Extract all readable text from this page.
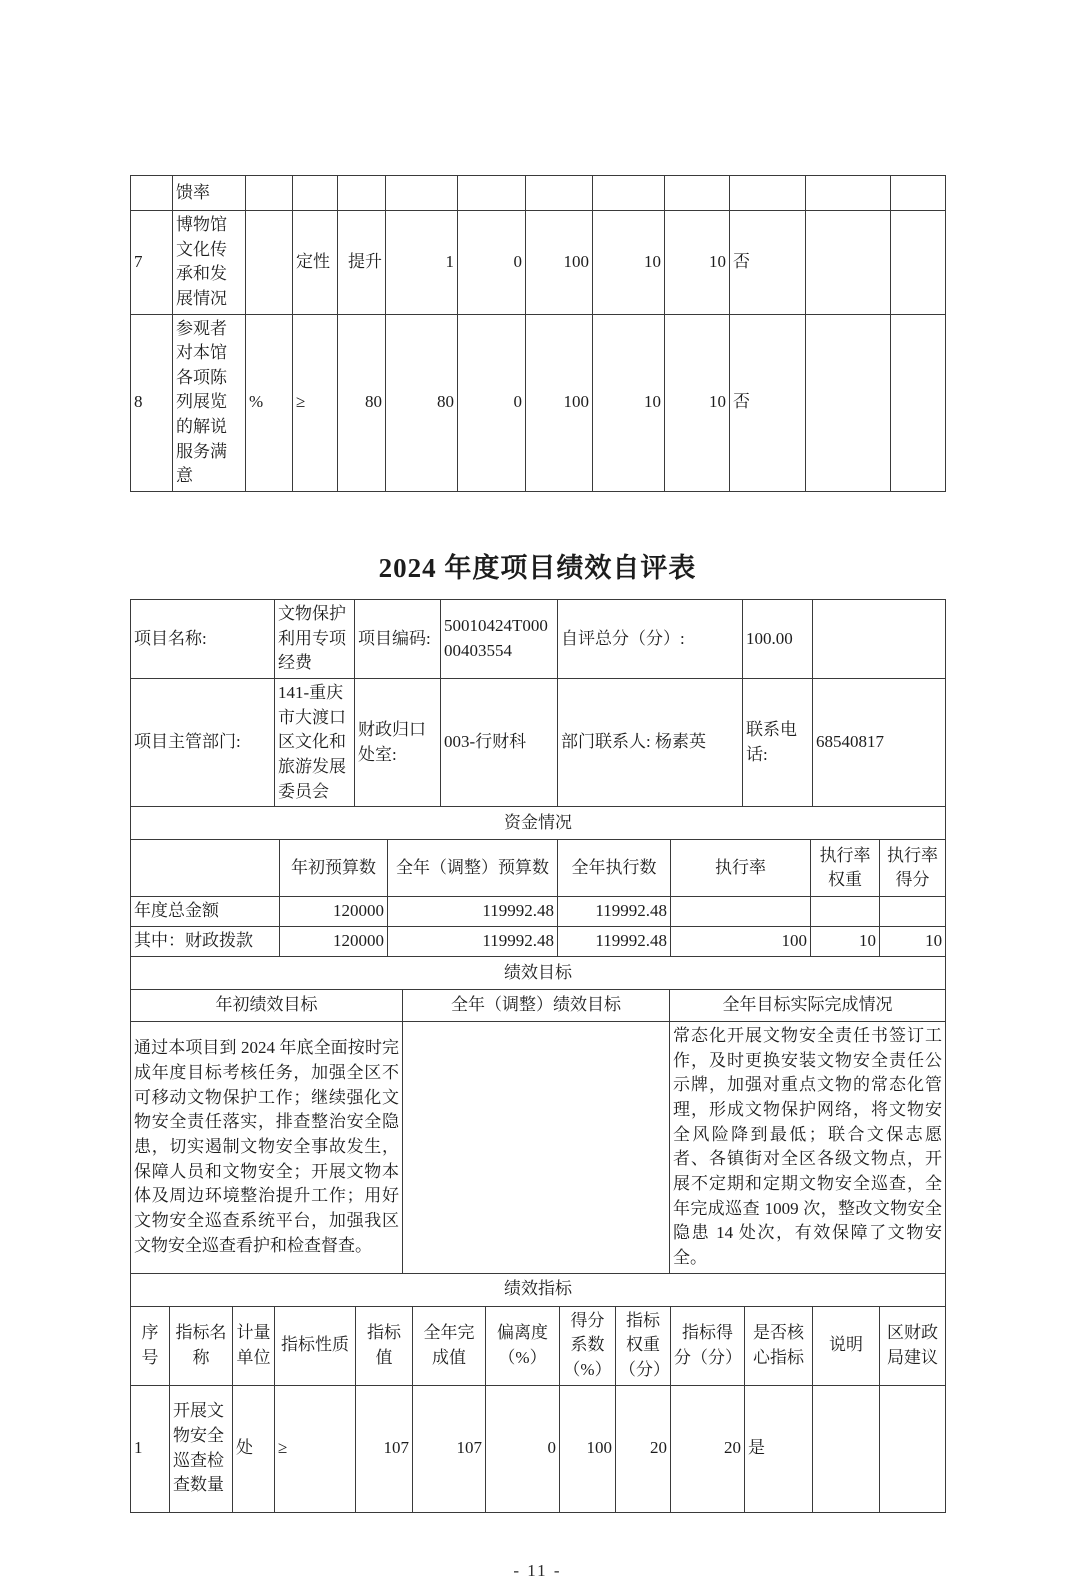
	馈率											
7	博物馆文化传承和发展情况		定性	提升	1	0	100	10	10	否		
8	参观者对本馆各项陈列展览的解说服务满意	%	≥	80	80	0	100	10	10	否		
2024 年度项目绩效自评表
项目名称:	文物保护利用专项经费	项目编码:	50010424T00000403554	自评总分（分）:	100.00	
项目主管部门:	141-重庆市大渡口区文化和旅游发展委员会	财政归口处室:	003-行财科	部门联系人: 杨素英	联系电话:	68540817
资金情况						
	年初预算数	全年（调整）预算数	全年执行数	执行率	执行率权重	执行率得分
年度总金额	120000	119992.48	119992.48			
其中：财政拨款	120000	119992.48	119992.48	100	10	10
绩效目标		
年初绩效目标	全年（调整）绩效目标	全年目标实际完成情况
通过本项目到 2024 年底全面按时完成年度目标考核任务，加强全区不可移动文物保护工作；继续强化文物安全责任落实，排查整治安全隐患，切实遏制文物安全事故发生，保障人员和文物安全；开展文物本体及周边环境整治提升工作；用好文物安全巡查系统平台，加强我区文物安全巡查看护和检查督查。		常态化开展文物安全责任书签订工作，及时更换安装文物安全责任公示牌，加强对重点文物的常态化管理，形成文物保护网络，将文物安全风险降到最低；联合文保志愿者、各镇街对全区各级文物点，开展不定期和定期文物安全巡查，全年完成巡查 1009 次，整改文物安全隐患 14 处次，有效保障了文物安全。
绩效指标												
序号	指标名称	计量单位	指标性质	指标值	全年完成值	偏离度（%）	得分系数（%）	指标权重（分）	指标得分（分）	是否核心指标	说明	区财政局建议
1	开展文物安全巡查检查数量	处	≥	107	107	0	100	20	20	是		
- 11 -
